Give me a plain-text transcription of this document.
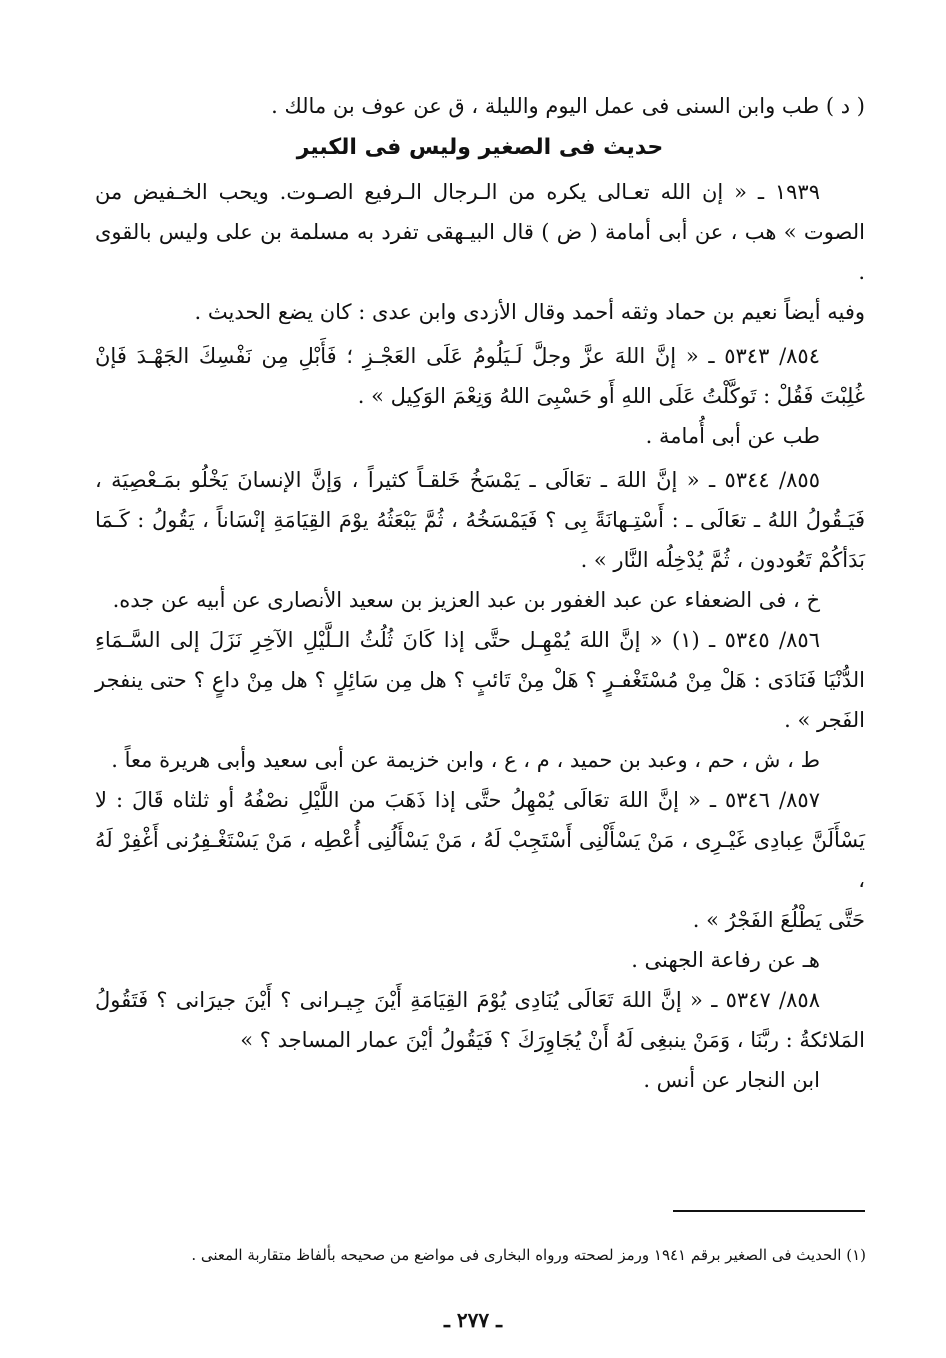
( د ) طب وابن السنى فى عمل اليوم والليلة ، ق عن عوف بن مالك .

حديث فى الصغير وليس فى الكبير

١٩٣٩ ـ « إن الله تعـالى يكره من الـرجال الـرفيع الصـوت. ويحب الخـفيض من

الصوت » هب ، عن أبى أمامة ( ض ) قال البيـهقى تفرد به مسلمة بن على وليس بالقوى .

وفيه أيضاً نعيم بن حماد وثقه أحمد وقال الأزدى وابن عدى : كان يضع الحديث .

٨٥٤/ ٥٣٤٣ ـ « إنَّ اللهَ عزَّ وجلَّ لَـيَلُومُ عَلَى العَجْـزِ ؛ فَأَبْلِ مِن نَفْسِكَ الجَهْـدَ فَإنْ

غُلِبْتَ فَقُلْ : تَوكَّلْتُ عَلَى اللهِ أَو حَسْبِىَ اللهُ وَنِعْمَ الوَكِيل » .

طب عن أبى أُمامة .

٨٥٥/ ٥٣٤٤ ـ « إنَّ اللهَ ـ تعَالَى ـ يَمْسَخُ خَلقـاً كثيراً ، وَإنَّ الإنسانَ يَخْلُو بمَـعْصِيَة ،

فَيَـقُولُ اللهُ ـ تعَالَى ـ : أَسْتِـهانَةً بِى ؟ فَيَمْسَخُهُ ، ثُمَّ يَبْعَثُهُ يوْمَ القِيَامَةِ إنْسَاناً ، يَقُولُ : كَـمَا

بَدَأكُمْ تَعُودون ، ثُمَّ يُدْخِلُه النَّار » .

خ ، فى الضعفاء عن عبد الغفور بن عبد العزيز بن سعيد الأنصارى عن أبيه عن جده.

٨٥٦/ ٥٣٤٥ ـ (١) « إنَّ اللهَ يُمْهِـل حتَّى إذا كَانَ ثُلُثُ الـلَّيْلِ الآخِرِ نَزَلَ إلى السَّـمَاءِ

الدُّنْيَا فَنَادَى : هَلْ مِنْ مُسْتَغْفـرٍ ؟ هَلْ مِنْ تَائبٍ ؟ هل مِن سَائِلٍ ؟ هل مِنْ داعٍ ؟ حتى ينفجر

الفَجر » .

ط ، ش ، حم ، وعبد بن حميد ، م ، ع ، وابن خزيمة عن أبى سعيد وأبى هريرة معاً .

٨٥٧/ ٥٣٤٦ ـ « إنَّ اللهَ تعَالَى يُمْهِلُ حتَّى إذا ذَهَبَ من اللَّيْلِ نصْفُهُ أو ثلثاه قَالَ : لا

يَسْأَلَنَّ عِبادِى غَيْـرِى ، مَنْ يَسْأَلْنِى أَسْتَجِبْ لَهُ ، مَنْ يَسْأَلُنِى أُعْطِه ، مَنْ يَسْتَغْـفِرُنى أَغْفِرْ لَهُ ،

حَتَّى يَطْلُعَ الفَجْرُ » .

هـ عن رفاعة الجهنى .

٨٥٨/ ٥٣٤٧ ـ « إنَّ اللهَ تَعَالَى يُنَادِى يُوْمَ القِيَامَةِ أَيْنَ جِيـرانى ؟ أَيْنَ جيرَانى ؟ فَتَقُولُ

المَلائكةُ : ربَّنَا ، وَمَنْ ينبغِى لَهُ أَنْ يُجَاوِرَكَ ؟ فَيَقُولُ أيْنَ عمار المساجد ؟ »

ابن النجار عن أنس .

(١) الحديث فى الصغير برقم ١٩٤١ ورمز لصحته ورواه البخارى فى مواضع من صحيحه بألفاظ متقاربة المعنى .

ـ ٢٧٧ ـ
